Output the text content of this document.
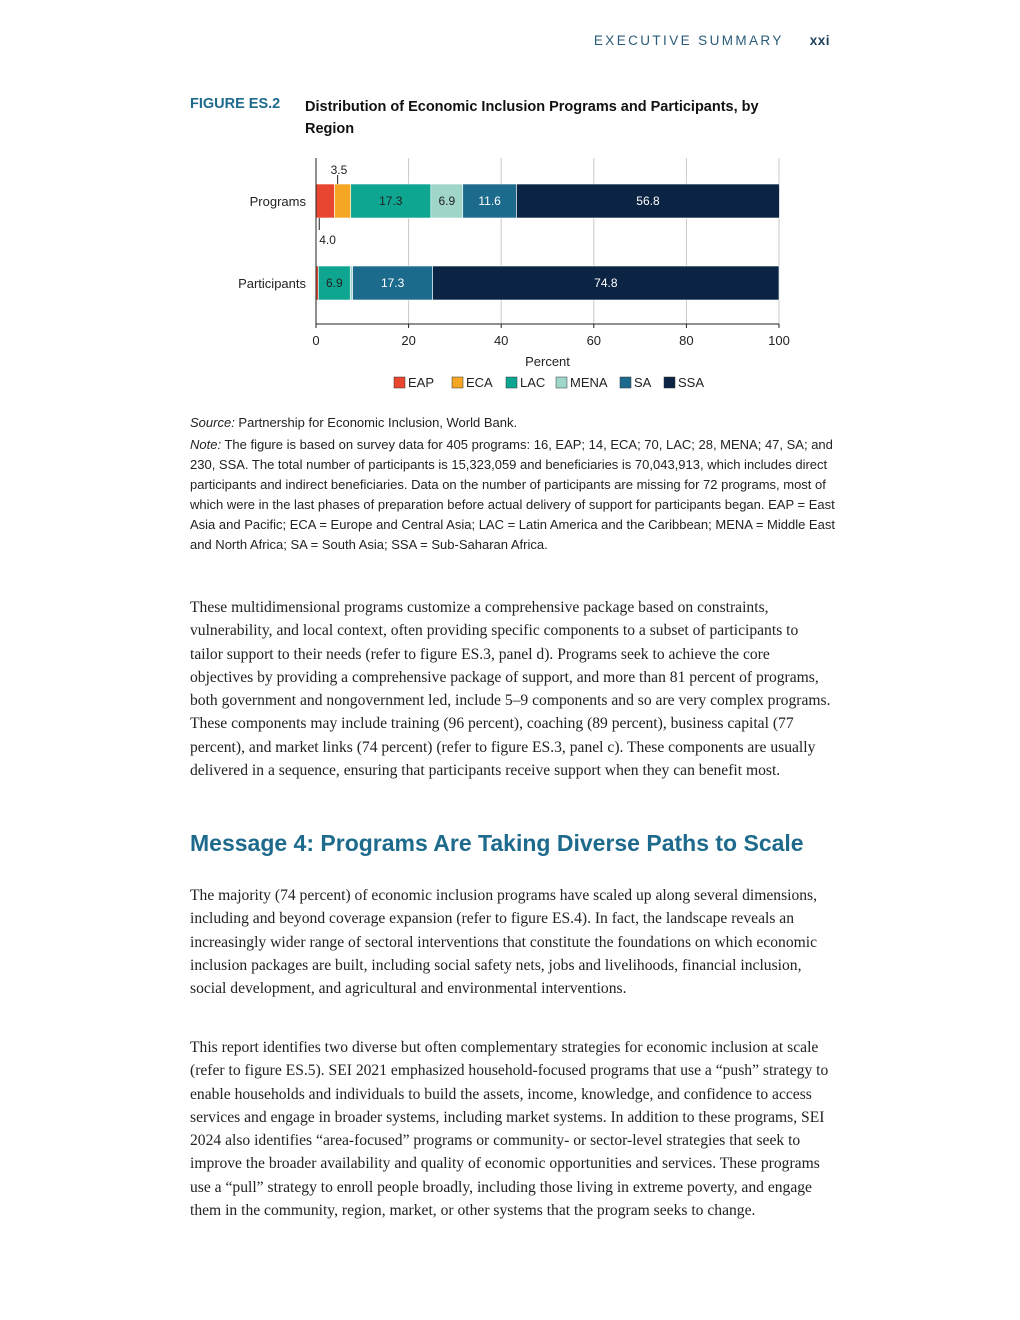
EXECUTIVE SUMMARY xxi
FIGURE ES.2 Distribution of Economic Inclusion Programs and Participants, by Region
4.0
3.5
17.3	6.9 11.6	56.8
6.9	17.3	74.8
Programs
Participants
0	20	40	60	80	100
Percent
EAP ECA LAC MENA SA SSA

Source: Partnership for Economic Inclusion, World Bank.

Note: The figure is based on survey data for 405 programs: 16, EAP; 14, ECA; 70, LAC; 28, MENA; 47, SA; and 230, SSA. The total number of participants is 15,323,059 and beneficiaries is 70,043,913, which includes direct participants and indirect beneficiaries. Data on the number of participants are missing for 72 programs, most of which were in the last phases of preparation before actual delivery of support for participants began. EAP = East Asia and Pacific; ECA = Europe and Central Asia; LAC = Latin America and the Caribbean; MENA = Middle East and North Africa; SA = South Asia; SSA = Sub-Saharan Africa.

These multidimensional programs customize a comprehensive package based on constraints, vulnerability, and local context, often providing specific components to a subset of participants to tailor support to their needs (refer to figure ES.3, panel d). Programs seek to achieve the core objectives by providing a comprehensive package of support, and more than 81 percent of programs, both government and nongovernment led, include 5–9 components and so are very complex programs. These components may include training (96 percent), coaching (89 percent), business capital (77 percent), and market links (74 percent) (refer to figure ES.3, panel c). These components are usually delivered in a sequence, ensuring that participants receive support when they can benefit most.

Message 4: Programs Are Taking Diverse Paths to Scale

The majority (74 percent) of economic inclusion programs have scaled up along several dimensions, including and beyond coverage expansion (refer to figure ES.4). In fact, the landscape reveals an increasingly wider range of sectoral interventions that constitute the foundations on which economic inclusion packages are built, including social safety nets, jobs and livelihoods, financial inclusion, social development, and agricultural and environmental interventions.

This report identifies two diverse but often complementary strategies for economic inclusion at scale (refer to figure ES.5). SEI 2021 emphasized household-focused programs that use a “push” strategy to enable households and individuals to build the assets, income, knowledge, and confidence to access services and engage in broader systems, including market systems. In addition to these programs, SEI 2024 also identifies “area-focused” programs or community- or sector-level strategies that seek to improve the broader availability and quality of economic opportunities and services. These programs use a “pull” strategy to enroll people broadly, including those living in extreme poverty, and engage them in the community, region, market, or other systems that the program seeks to change.
